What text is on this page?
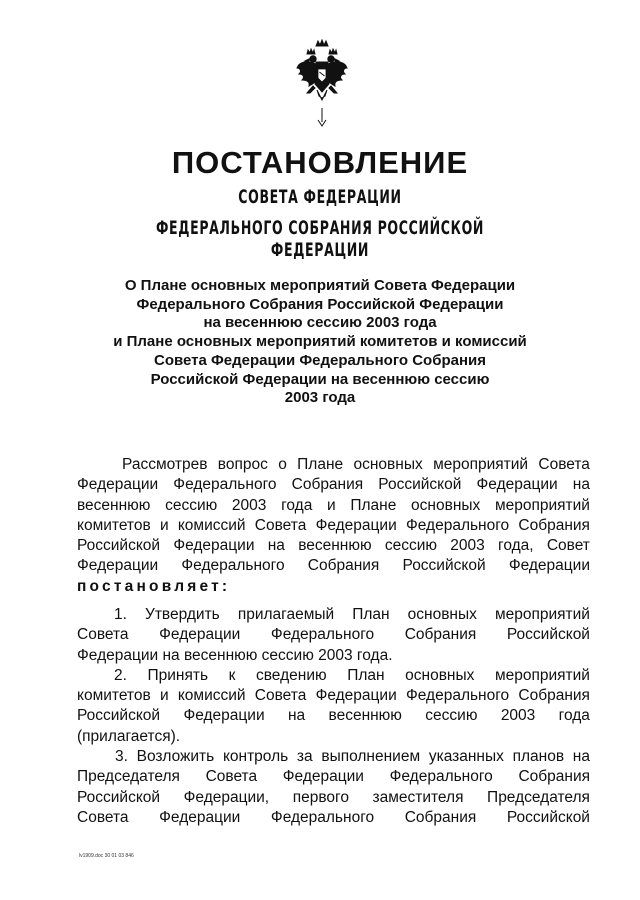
ПОСТАНОВЛЕНИЕ
СОВЕТА ФЕДЕРАЦИИ
ФЕДЕРАЛЬНОГО СОБРАНИЯ РОССИЙСКОЙ ФЕДЕРАЦИИ
О Плане основных мероприятий Совета Федерации
Федерального Собрания Российской Федерации
на весеннюю сессию 2003 года
и Плане основных мероприятий комитетов и комиссий
Совета Федерации Федерального Собрания
Российской Федерации на весеннюю сессию
2003 года
Рассмотрев вопрос о Плане основных мероприятий Совета
Федерации Федерального Собрания Российской Федерации на
весеннюю сессию 2003 года и Плане основных мероприятий
комитетов и комиссий Совета Федерации Федерального Собрания
Российской Федерации на весеннюю сессию 2003 года, Совет
Федерации Федерального Собрания Российской Федерации
постановляет:
1. Утвердить прилагаемый План основных мероприятий
Совета Федерации Федерального Собрания Российской
Федерации на весеннюю сессию 2003 года.
2. Принять к сведению План основных мероприятий
комитетов и комиссий Совета Федерации Федерального Собрания
Российской Федерации на весеннюю сессию 2003 года
(прилагается).
3. Возложить контроль за выполнением указанных планов на
Председателя Совета Федерации Федерального Собрания
Российской Федерации, первого заместителя Председателя
Совета Федерации Федерального Собрания Российской
lv1909.doc 30 01 03 846
